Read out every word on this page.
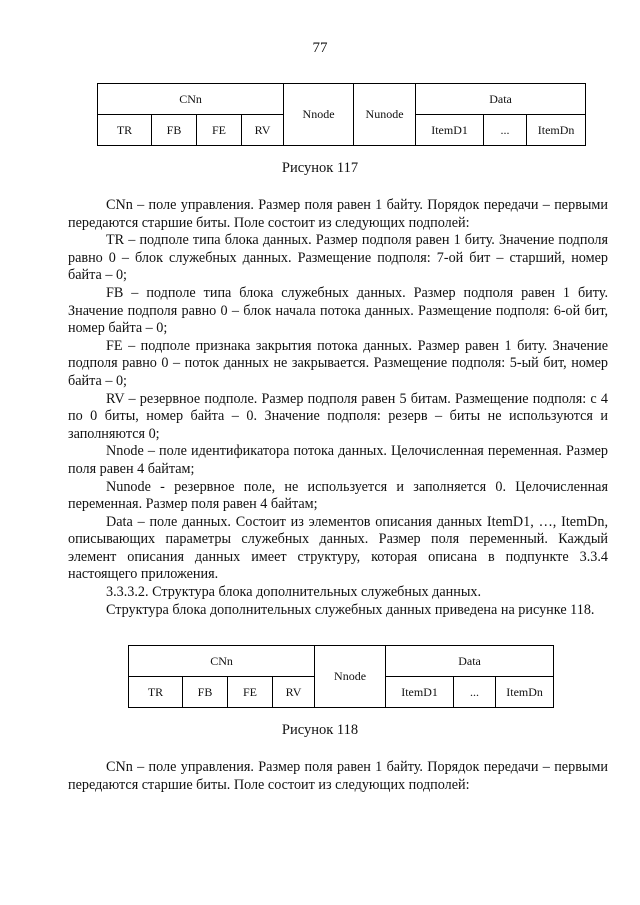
77
CNn				Nnode	Nunode	Data		
TR	FB	FE	RV			ItemD1	...	ItemDn
Рисунок 117

CNn – поле управления. Размер поля равен 1 байту. Порядок передачи – первыми передаются старшие биты. Поле состоит из следующих подполей:

TR – подполе типа блока данных. Размер подполя равен 1 биту. Значение подполя равно 0 – блок служебных данных. Размещение подполя: 7-ой бит – старший, номер байта – 0;

FB – подполе типа блока служебных данных. Размер подполя равен 1 биту. Значение подполя равно 0 – блок начала потока данных. Размещение подполя: 6-ой бит, номер байта – 0;

FE – подполе признака закрытия потока данных. Размер равен 1 биту. Значение подполя равно 0 – поток данных не закрывается. Размещение подполя: 5-ый бит, номер байта – 0;

RV – резервное подполе. Размер подполя равен 5 битам. Размещение подполя: с 4 по 0 биты, номер байта – 0. Значение подполя: резерв – биты не используются и заполняются 0;

Nnode – поле идентификатора потока данных. Целочисленная переменная. Размер поля равен 4 байтам;

Nunode - резервное поле, не используется и заполняется 0. Целочисленная переменная. Размер поля равен 4 байтам;

Data – поле данных. Состоит из элементов описания данных ItemD1, …, ItemDn, описывающих параметры служебных данных. Размер поля переменный. Каждый элемент описания данных имеет структуру, которая описана в подпункте 3.3.4 настоящего приложения.

3.3.3.2. Структура блока дополнительных служебных данных.

Структура блока дополнительных служебных данных приведена на рисунке 118.

CNn				Nnode	Data		
TR	FB	FE	RV		ItemD1	...	ItemDn
Рисунок 118

CNn – поле управления. Размер поля равен 1 байту. Порядок передачи – первыми передаются старшие биты. Поле состоит из следующих подполей:
